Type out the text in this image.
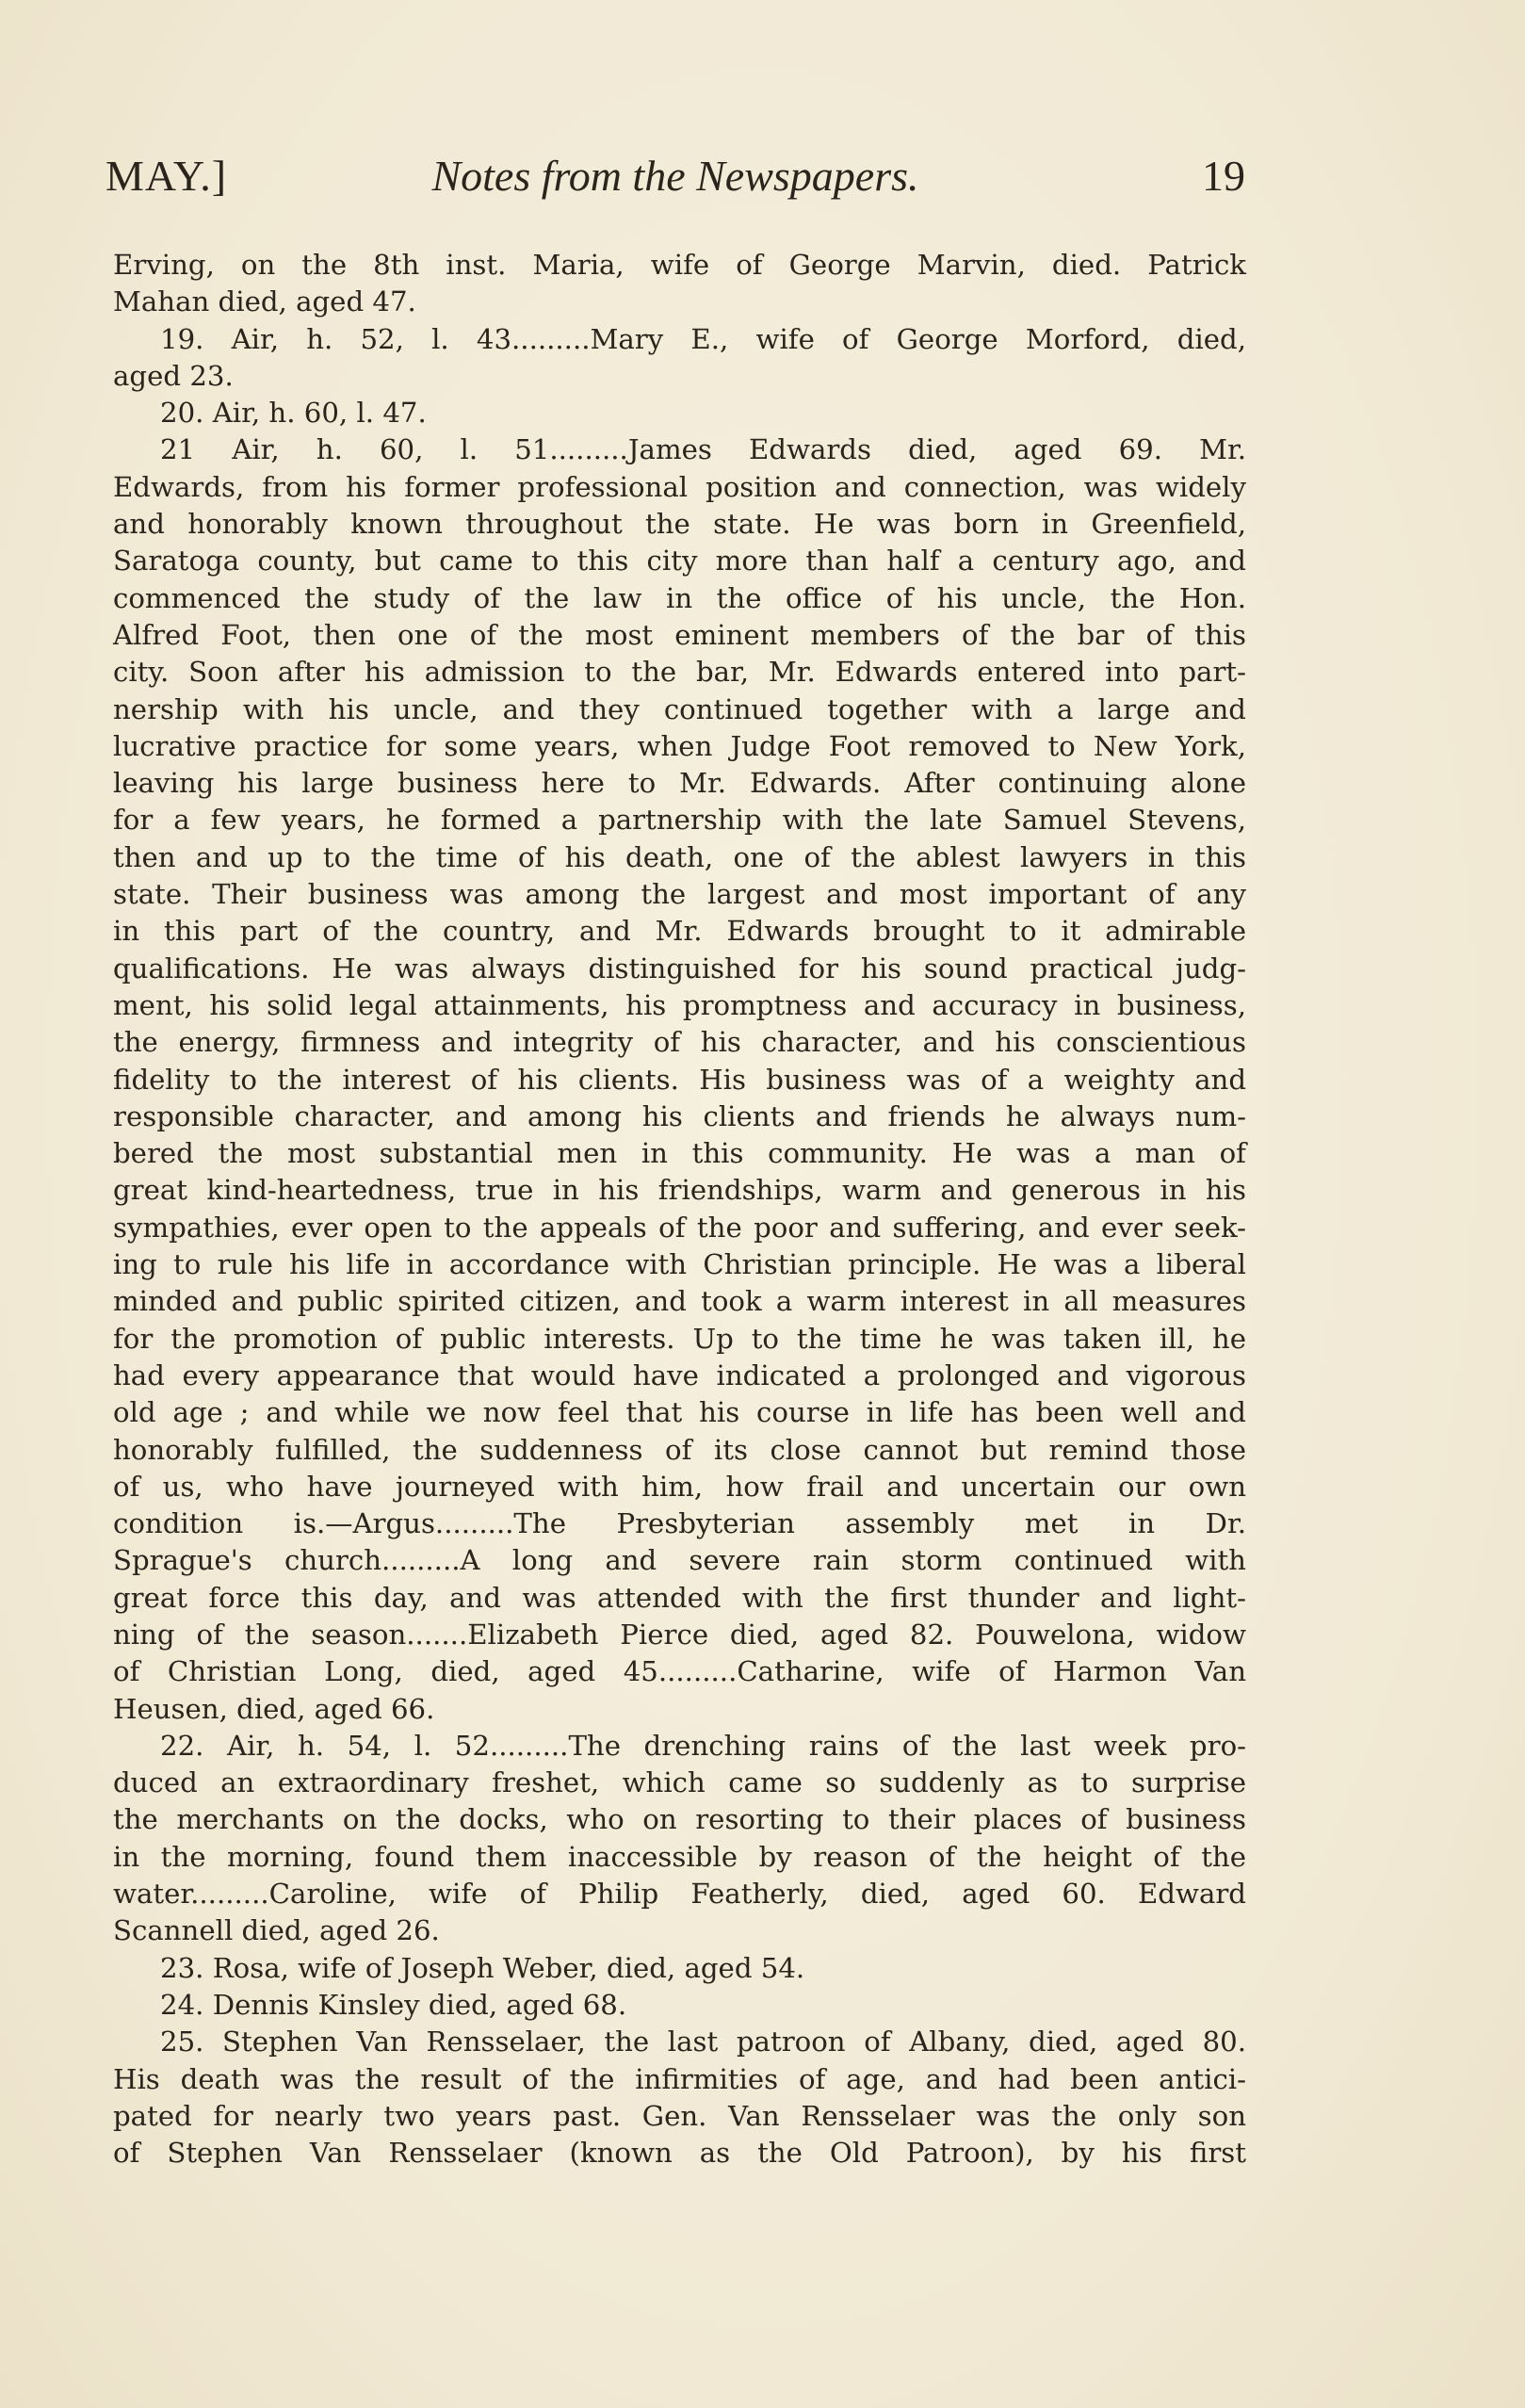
MAY.]	Notes from the Newspapers.	19
Erving, on the 8th inst. Maria, wife of George Marvin, died. Patrick
Mahan died, aged 47.
19. Air, h. 52, l. 43.........Mary E., wife of George Morford, died,
aged 23.
20. Air, h. 60, l. 47.
21 Air, h. 60, l. 51.........James Edwards died, aged 69. Mr.
Edwards, from his former professional position and connection, was widely
and honorably known throughout the state. He was born in Greenfield,
Saratoga county, but came to this city more than half a century ago, and
commenced the study of the law in the office of his uncle, the Hon.
Alfred Foot, then one of the most eminent members of the bar of this
city. Soon after his admission to the bar, Mr. Edwards entered into part-
nership with his uncle, and they continued together with a large and
lucrative practice for some years, when Judge Foot removed to New York,
leaving his large business here to Mr. Edwards. After continuing alone
for a few years, he formed a partnership with the late Samuel Stevens,
then and up to the time of his death, one of the ablest lawyers in this
state. Their business was among the largest and most important of any
in this part of the country, and Mr. Edwards brought to it admirable
qualifications. He was always distinguished for his sound practical judg-
ment, his solid legal attainments, his promptness and accuracy in business,
the energy, firmness and integrity of his character, and his conscientious
fidelity to the interest of his clients. His business was of a weighty and
responsible character, and among his clients and friends he always num-
bered the most substantial men in this community. He was a man of
great kind-heartedness, true in his friendships, warm and generous in his
sympathies, ever open to the appeals of the poor and suffering, and ever seek-
ing to rule his life in accordance with Christian principle. He was a liberal
minded and public spirited citizen, and took a warm interest in all measures
for the promotion of public interests. Up to the time he was taken ill, he
had every appearance that would have indicated a prolonged and vigorous
old age ; and while we now feel that his course in life has been well and
honorably fulfilled, the suddenness of its close cannot but remind those
of us, who have journeyed with him, how frail and uncertain our own
condition is.—Argus.........The Presbyterian assembly met in Dr.
Sprague's church.........A long and severe rain storm continued with
great force this day, and was attended with the first thunder and light-
ning of the season.......Elizabeth Pierce died, aged 82. Pouwelona, widow
of Christian Long, died, aged 45.........Catharine, wife of Harmon Van
Heusen, died, aged 66.
22. Air, h. 54, l. 52.........The drenching rains of the last week pro-
duced an extraordinary freshet, which came so suddenly as to surprise
the merchants on the docks, who on resorting to their places of business
in the morning, found them inaccessible by reason of the height of the
water.........Caroline, wife of Philip Featherly, died, aged 60. Edward
Scannell died, aged 26.
23. Rosa, wife of Joseph Weber, died, aged 54.
24. Dennis Kinsley died, aged 68.
25. Stephen Van Rensselaer, the last patroon of Albany, died, aged 80.
His death was the result of the infirmities of age, and had been antici-
pated for nearly two years past. Gen. Van Rensselaer was the only son
of Stephen Van Rensselaer (known as the Old Patroon), by his first
